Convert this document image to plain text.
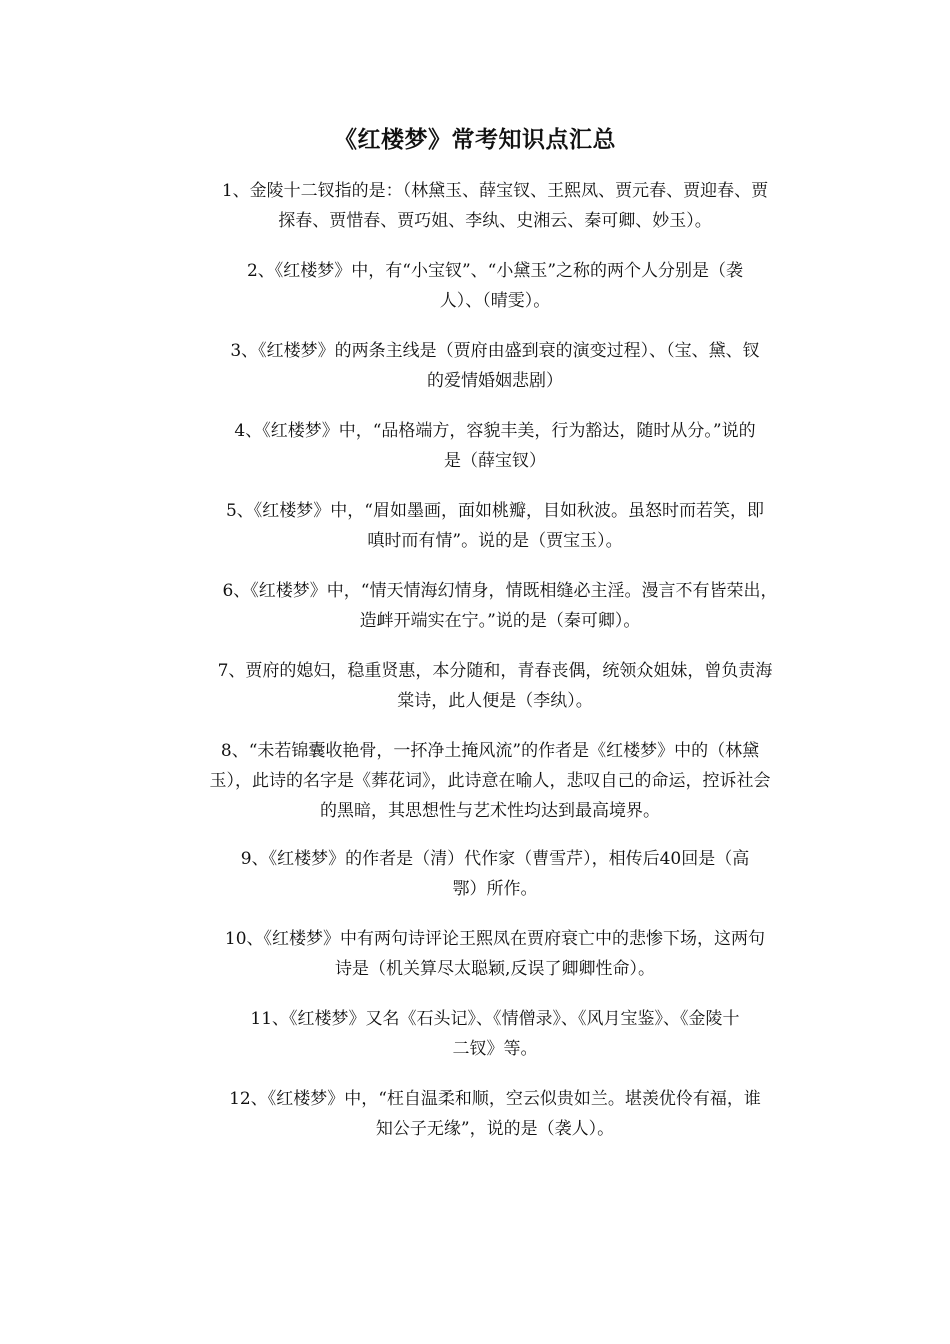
《红楼梦》常考知识点汇总
1、金陵十二钗指的是：（林黛玉、薛宝钗、王熙凤、贾元春、贾迎春、贾
探春、贾惜春、贾巧姐、李纨、史湘云、秦可卿、妙玉）。
2、《红楼梦》中，有“小宝钗”、“小黛玉”之称的两个人分别是（袭
人）、（晴雯）。
3、《红楼梦》的两条主线是（贾府由盛到衰的演变过程）、（宝、黛、钗
的爱情婚姻悲剧）
4、《红楼梦》中，“品格端方，容貌丰美，行为豁达，随时从分。”说的
是（薛宝钗）
5、《红楼梦》中，“眉如墨画，面如桃瓣，目如秋波。虽怒时而若笑，即
嗔时而有情”。说的是（贾宝玉）。
6、《红楼梦》中，“情天情海幻情身，情既相缝必主淫。漫言不有皆荣出，
造衅开端实在宁。”说的是（秦可卿）。
7、贾府的媳妇，稳重贤惠，本分随和，青春丧偶，统领众姐妹，曾负责海
棠诗，此人便是（李纨）。
8、“未若锦囊收艳骨，一抔净土掩风流”的作者是《红楼梦》中的（林黛
玉），此诗的名字是《葬花词》，此诗意在喻人，悲叹自己的命运，控诉社会
的黑暗，其思想性与艺术性均达到最高境界。
9、《红楼梦》的作者是（清）代作家（曹雪芹），相传后40回是（高
鄂）所作。
10、《红楼梦》中有两句诗评论王熙凤在贾府衰亡中的悲惨下场，这两句
诗是（机关算尽太聪颖,反误了卿卿性命）。
11、《红楼梦》又名《石头记》、《情僧录》、《风月宝鉴》、《金陵十
二钗》等。
12、《红楼梦》中，“枉自温柔和顺，空云似贵如兰。堪羡优伶有福，谁
知公子无缘”，说的是（袭人）。
